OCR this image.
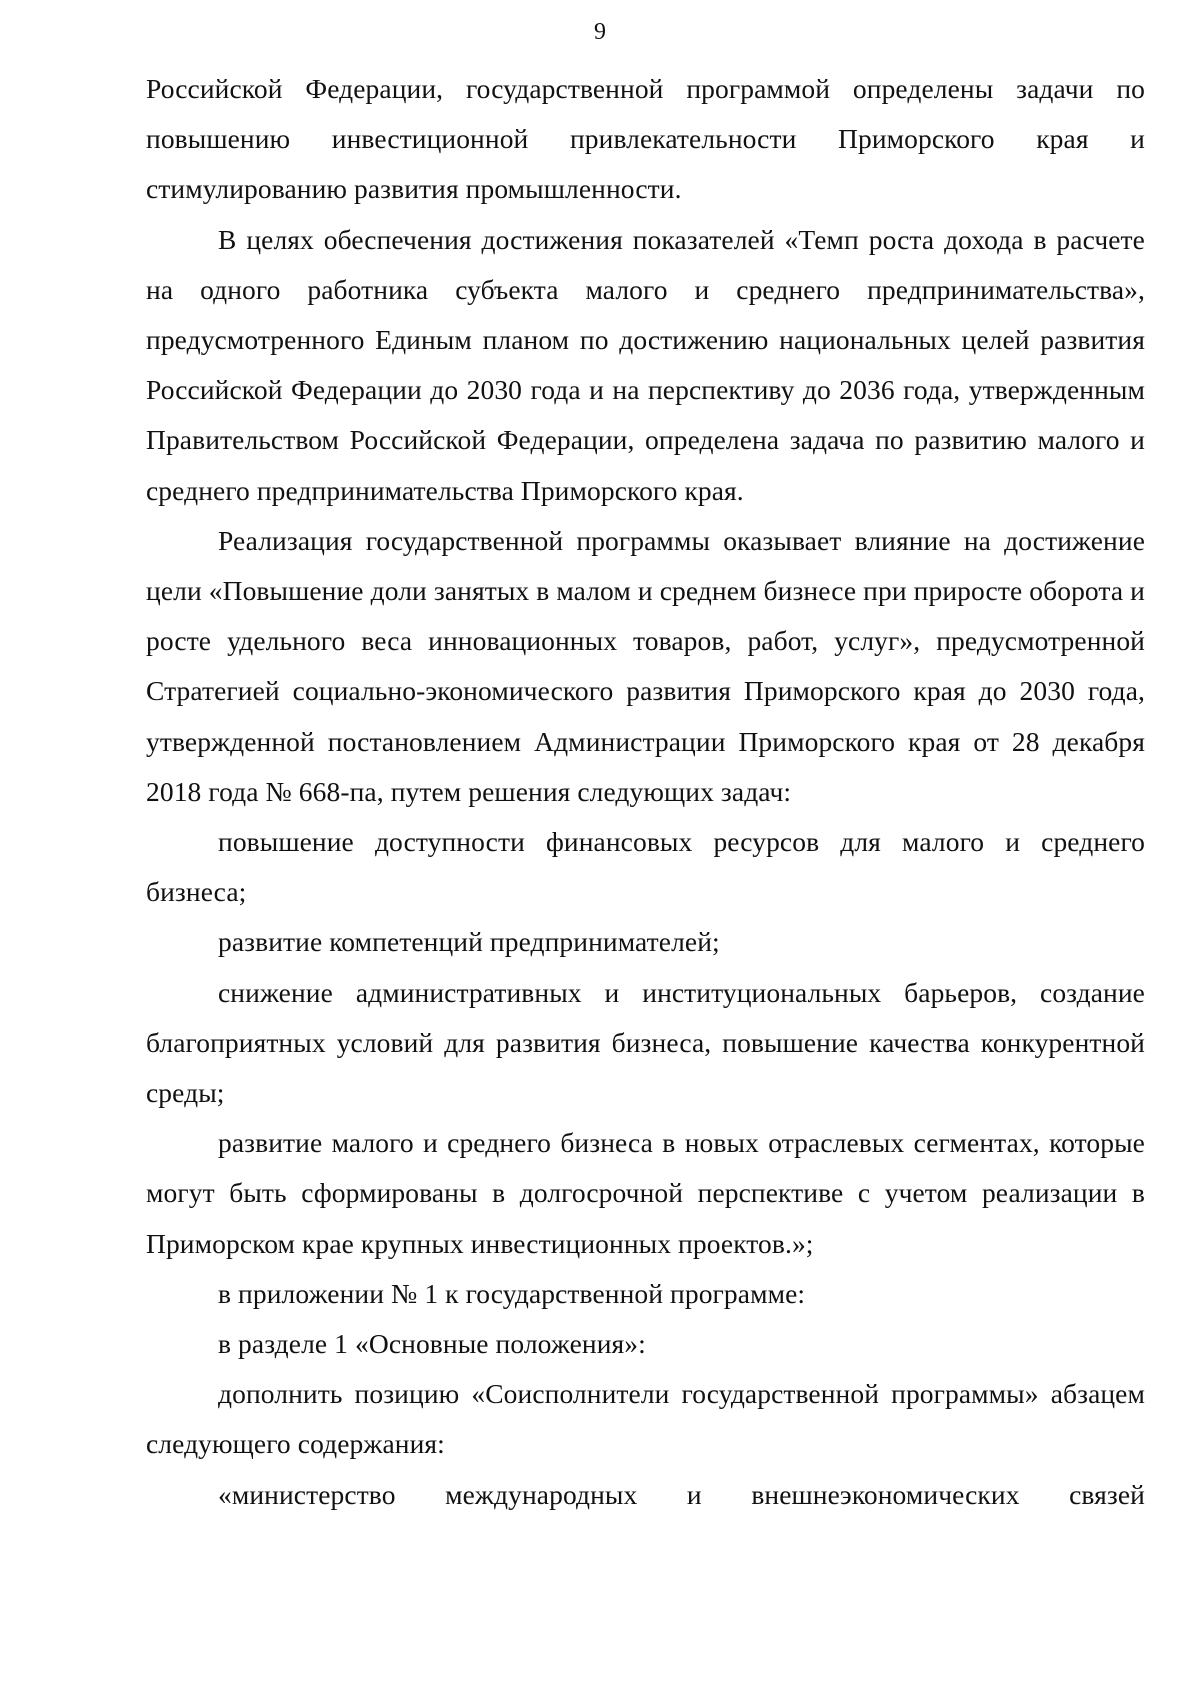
9

Российской Федерации, государственной программой определены задачи по повышению инвестиционной привлекательности Приморского края и стимулированию развития промышленности.

В целях обеспечения достижения показателей «Темп роста дохода в расчете на одного работника субъекта малого и среднего предпринимательства», предусмотренного Единым планом по достижению национальных целей развития Российской Федерации до 2030 года и на перспективу до 2036 года, утвержденным Правительством Российской Федерации, определена задача по развитию малого и среднего предпринимательства Приморского края.

Реализация государственной программы оказывает влияние на достижение цели «Повышение доли занятых в малом и среднем бизнесе при приросте оборота и росте удельного веса инновационных товаров, работ, услуг», предусмотренной Стратегией социально-экономического развития Приморского края до 2030 года, утвержденной постановлением Администрации Приморского края от 28 декабря 2018 года № 668-па, путем решения следующих задач:

повышение доступности финансовых ресурсов для малого и среднего бизнеса;

развитие компетенций предпринимателей;

снижение административных и институциональных барьеров, создание благоприятных условий для развития бизнеса, повышение качества конкурентной среды;

развитие малого и среднего бизнеса в новых отраслевых сегментах, которые могут быть сформированы в долгосрочной перспективе с учетом реализации в Приморском крае крупных инвестиционных проектов.»;

в приложении № 1 к государственной программе:

в разделе 1 «Основные положения»:

дополнить позицию «Соисполнители государственной программы» абзацем следующего содержания:

«министерство международных и внешнеэкономических связей
